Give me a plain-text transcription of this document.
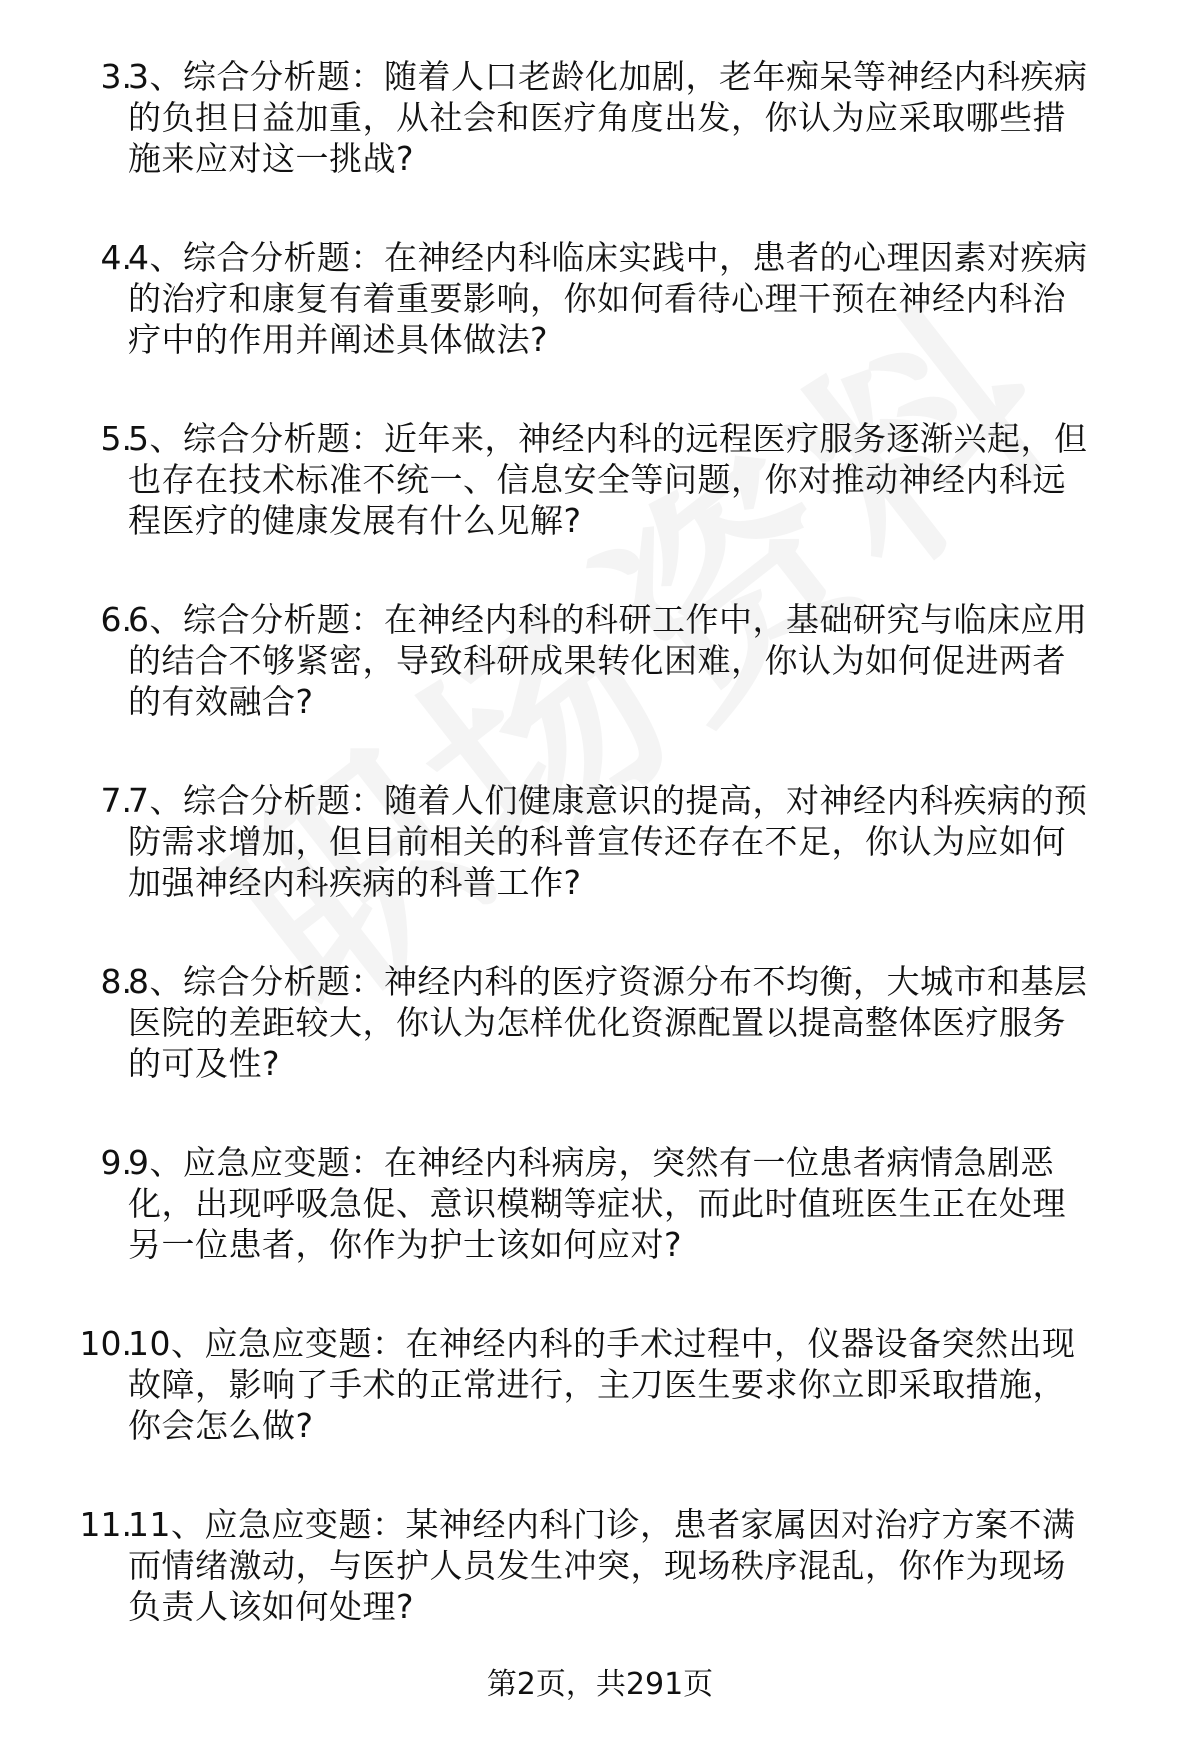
3.
3、综合分析题：随着人口老龄化加剧，老年痴呆等神经内科疾病
的负担日益加重，从社会和医疗角度出发，你认为应采取哪些措
施来应对这一挑战?
4.
4、综合分析题：在神经内科临床实践中，患者的心理因素对疾病
的治疗和康复有着重要影响，你如何看待心理干预在神经内科治
疗中的作用并阐述具体做法?
5.
5、综合分析题：近年来，神经内科的远程医疗服务逐渐兴起，但
也存在技术标准不统一、信息安全等问题，你对推动神经内科远
程医疗的健康发展有什么见解?
6.
6、综合分析题：在神经内科的科研工作中，基础研究与临床应用
的结合不够紧密，导致科研成果转化困难，你认为如何促进两者
的有效融合?
7.
7、综合分析题：随着人们健康意识的提高，对神经内科疾病的预
防需求增加，但目前相关的科普宣传还存在不足，你认为应如何
加强神经内科疾病的科普工作?
8.
8、综合分析题：神经内科的医疗资源分布不均衡，大城市和基层
医院的差距较大，你认为怎样优化资源配置以提高整体医疗服务
的可及性?
9.
9、应急应变题：在神经内科病房，突然有一位患者病情急剧恶
化，出现呼吸急促、意识模糊等症状，而此时值班医生正在处理
另一位患者，你作为护士该如何应对?
10.
10、应急应变题：在神经内科的手术过程中，仪器设备突然出现
故障，影响了手术的正常进行，主刀医生要求你立即采取措施，
你会怎么做?
11.
11、应急应变题：某神经内科门诊，患者家属因对治疗方案不满
而情绪激动，与医护人员发生冲突，现场秩序混乱，你作为现场
负责人该如何处理?
第2页，共291页
